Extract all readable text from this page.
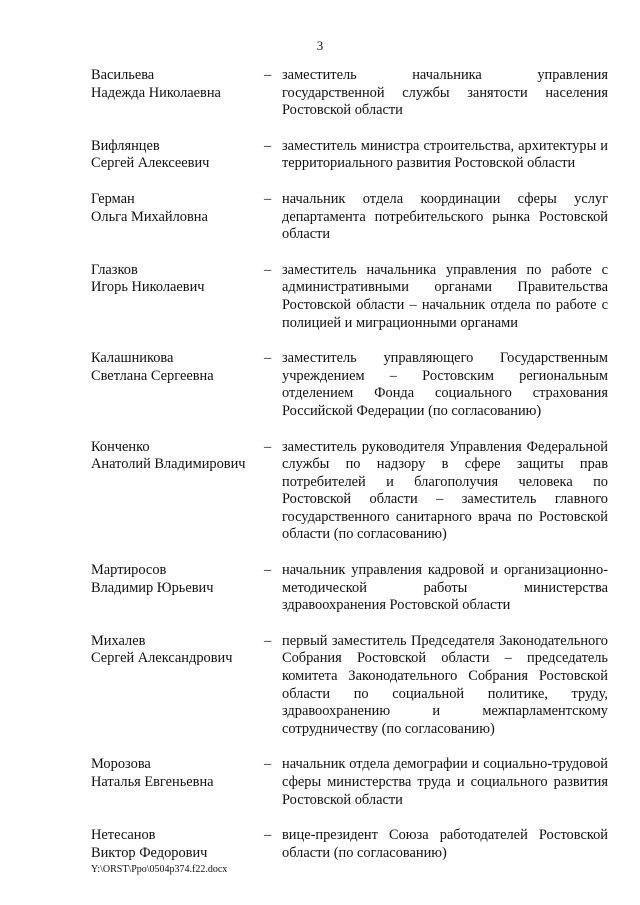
3
Васильева
Надежда Николаевна
– заместитель начальника управления государственной службы занятости населения Ростовской области
Вифлянцев
Сергей Алексеевич
– заместитель министра строительства, архитектуры и территориального развития Ростовской области
Герман
Ольга Михайловна
– начальник отдела координации сферы услуг департамента потребительского рынка Ростовской области
Глазков
Игорь Николаевич
– заместитель начальника управления по работе с административными органами Правительства Ростовской области – начальник отдела по работе с полицией и миграционными органами
Калашникова
Светлана Сергеевна
– заместитель управляющего Государственным учреждением – Ростовским региональным отделением Фонда социального страхования Российской Федерации (по согласованию)
Конченко
Анатолий Владимирович
– заместитель руководителя Управления Федеральной службы по надзору в сфере защиты прав потребителей и благополучия человека по Ростовской области – заместитель главного государственного санитарного врача по Ростовской области (по согласованию)
Мартиросов
Владимир Юрьевич
– начальник управления кадровой и организационно-методической работы министерства здравоохранения Ростовской области
Михалев
Сергей Александрович
– первый заместитель Председателя Законодательного Собрания Ростовской области – председатель комитета Законодательного Собрания Ростовской области по социальной политике, труду, здравоохранению и межпарламентскому сотрудничеству (по согласованию)
Морозова
Наталья Евгеньевна
– начальник отдела демографии и социально-трудовой сферы министерства труда и социального развития Ростовской области
Нетесанов
Виктор Федорович
– вице-президент Союза работодателей Ростовской области (по согласованию)
Y:\ORST\Ppo\0504p374.f22.docx
